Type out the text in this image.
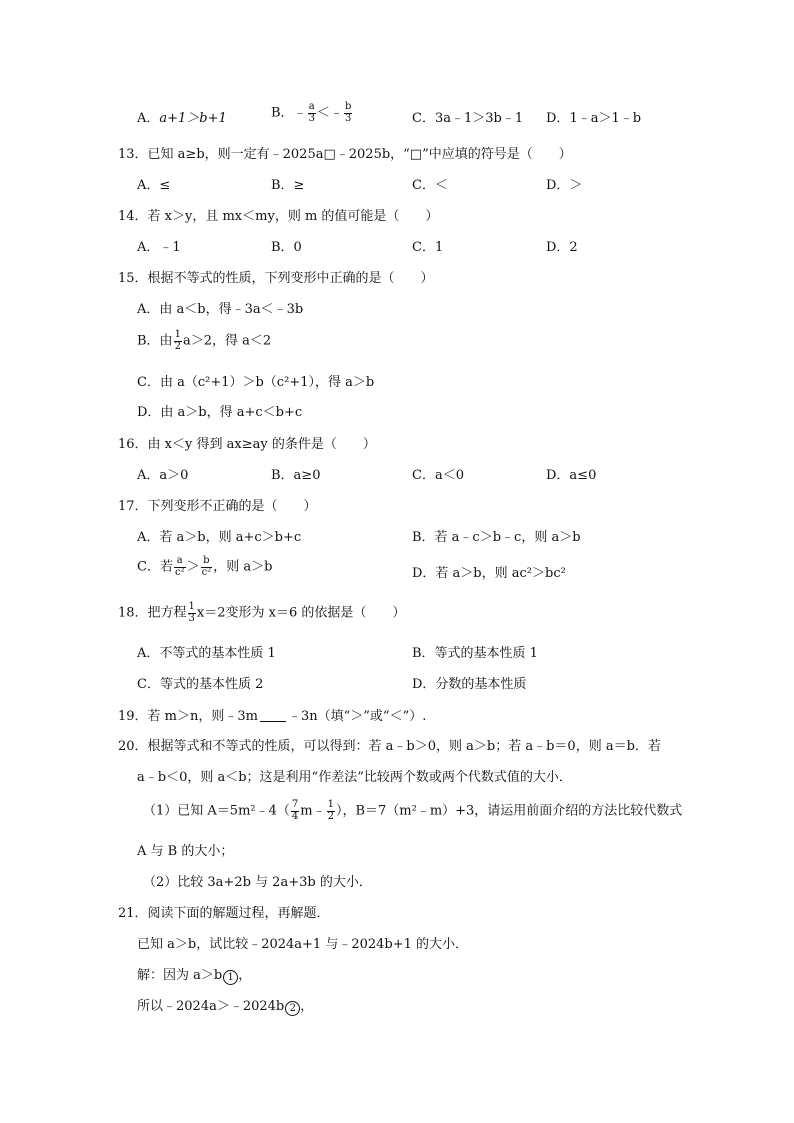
A．a+1＞b+1	B．﹣ $\frac{a}{3}$ ＜﹣ $\frac{b}{3}$	C．3a﹣1＞3b﹣1 D．1﹣a＞1﹣b
13．已知 a≥b，则一定有﹣2025a□﹣2025b，“□”中应填的符号是（　　）
A．≤	B．≥	C．＜	D．＞
14．若 x＞y，且 mx＜my，则 m 的值可能是（　　）
A．﹣1	B．0	C．1	D．2
15．根据不等式的性质，下列变形中正确的是（　　）
A．由 a＜b，得﹣3a＜﹣3b
B．由 $\frac{1}{2} a>2$，得 a＜2
C．由 a（c²+1）＞b（c²+1），得 a＞b
D．由 a＞b，得 a+c＜b+c
16．由 x＜y 得到 ax≥ay 的条件是（　　）
A．a＞0	B．a≥0	C．a＜0	D．a≤0
17．下列变形不正确的是（　　）
A．若 a＞b，则 a+c＞b+c	B．若 a﹣c＞b﹣c，则 a＞b
C．若 $\frac{a}{\text{c²}} > \frac{b}{\text{c²}}$ ，则 a＞b	D．若 a＞b，则 ac²＞bc²
18．把方程 $\frac{1}{3} x=2$变形为 x＝6 的依据是（　　）
A．不等式的基本性质 1	B．等式的基本性质 1
C．等式的基本性质 2	D．分数的基本性质
19．若 m＞n，则﹣3m ﹣3n（填“＞”或“＜”）.
20．根据等式和不等式的性质，可以得到：若 a﹣b＞0，则 a＞b；若 a﹣b＝0，则 a＝b．若
a﹣b＜0，则 a＜b；这是利用“作差法”比较两个数或两个代数式值的大小．
（1）已知 A＝5m²﹣4（ $\frac{7}{4}$ m﹣ $\frac{1}{2}$ ），B＝7（m²﹣m）+3，请运用前面介绍的方法比较代数式
A 与 B 的大小；
（2）比较 3a+2b 与 2a+3b 的大小．
21．阅读下面的解题过程，再解题．
已知 a＞b，试比较﹣2024a+1 与﹣2024b+1 的大小．
解：因为 a＞b 1 ，
所以﹣2024a＞﹣2024b 2 ，
